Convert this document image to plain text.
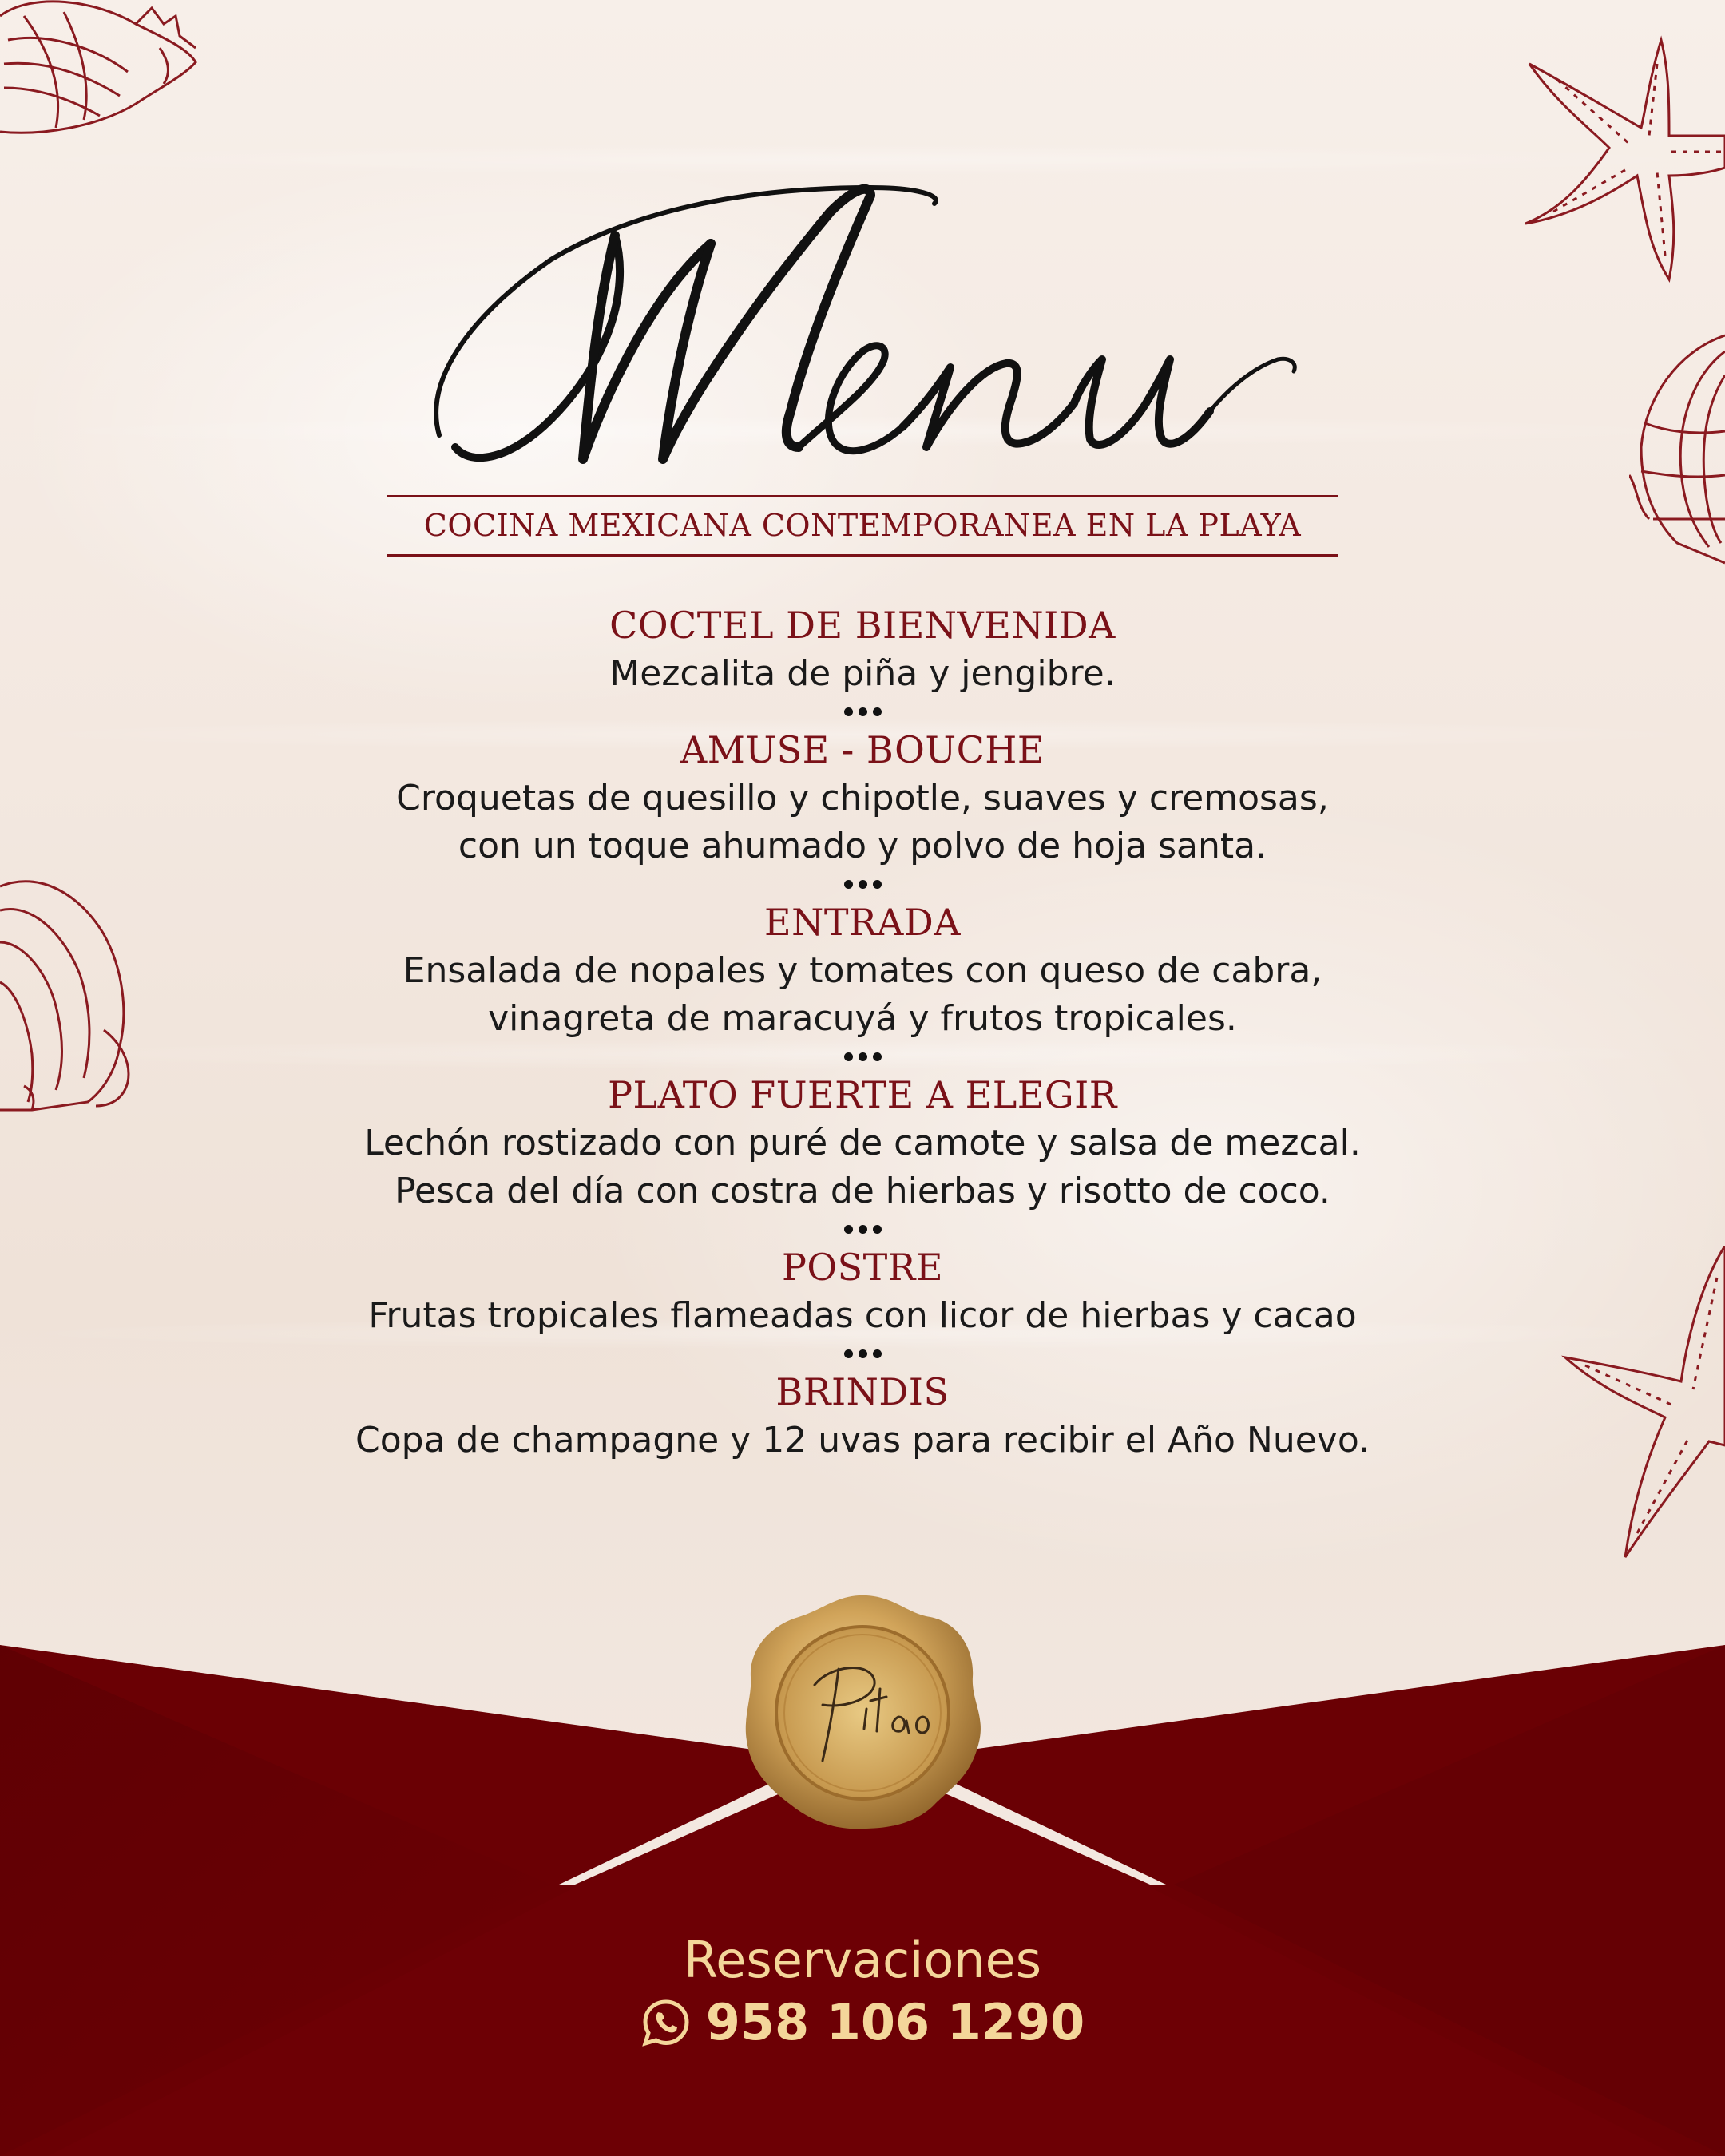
COCINA MEXICANA CONTEMPORANEA EN LA PLAYA
COCTEL DE BIENVENIDA
Mezcalita de piña y jengibre.
AMUSE - BOUCHE
Croquetas de quesillo y chipotle, suaves y cremosas,
con un toque ahumado y polvo de hoja santa.
ENTRADA
Ensalada de nopales y tomates con queso de cabra,
vinagreta de maracuyá y frutos tropicales.
PLATO FUERTE A ELEGIR
Lechón rostizado con puré de camote y salsa de mezcal.
Pesca del día con costra de hierbas y risotto de coco.
POSTRE
Frutas tropicales flameadas con licor de hierbas y cacao
BRINDIS
Copa de champagne y 12 uvas para recibir el Año Nuevo.
Reservaciones
958 106 1290
